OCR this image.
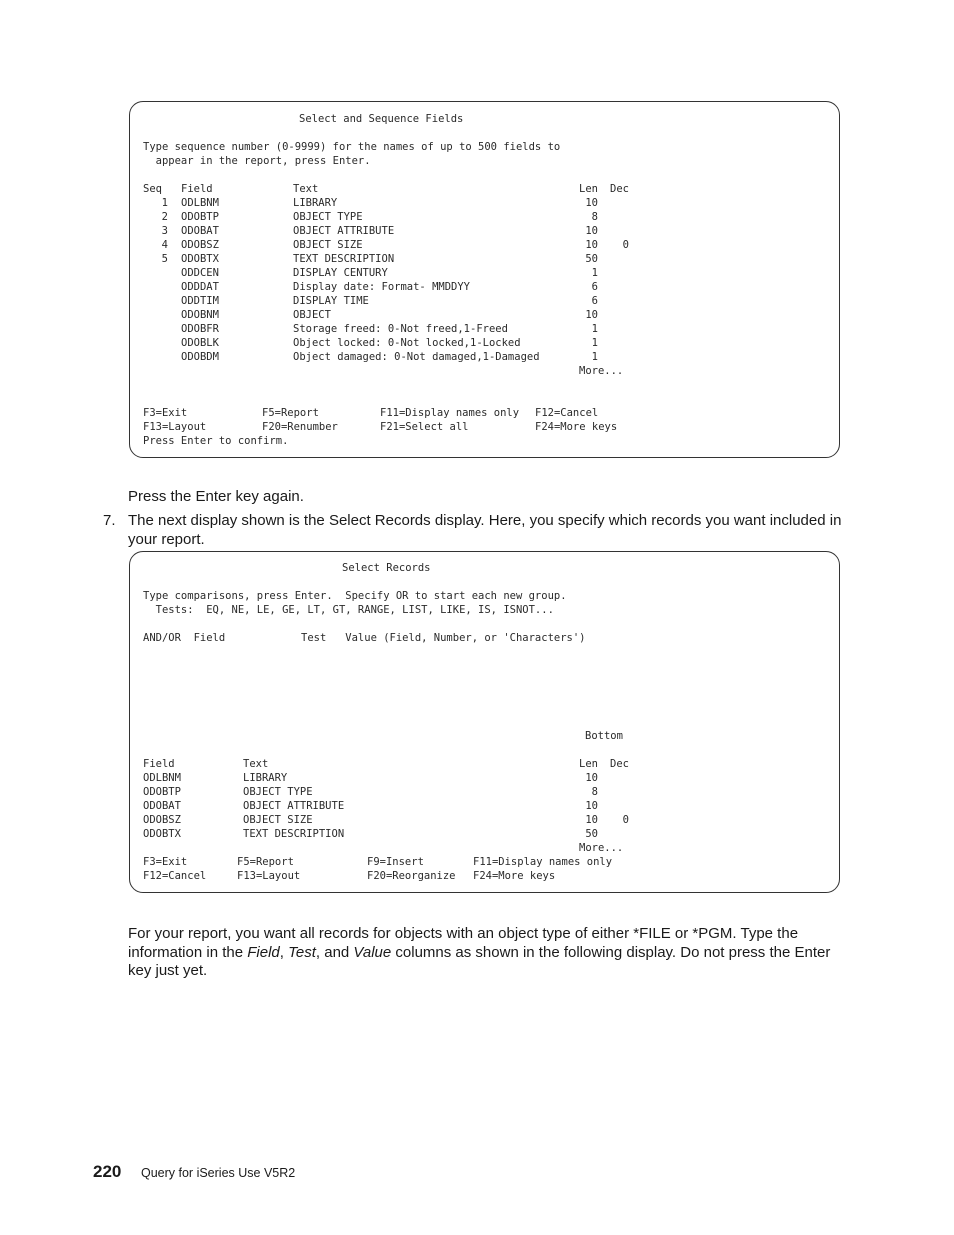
Select and Sequence Fields
Type sequence number (0-9999) for the names of up to 500 fields to
appear in the report, press Enter.
Seq Field	Text	Len Dec
1 ODLBNM	LIBRARY	10
2 ODOBTP	OBJECT TYPE	8
3 ODOBAT	OBJECT ATTRIBUTE	10
4 ODOBSZ	OBJECT SIZE	10	0
5 ODOBTX	TEXT DESCRIPTION	50
ODDCEN	DISPLAY CENTURY	1
ODDDAT	Display date: Format- MMDDYY	6
ODDTIM	DISPLAY TIME	6
ODOBNM	OBJECT	10
ODOBFR	Storage freed: 0-Not freed,1-Freed	1
ODOBLK	Object locked: 0-Not locked,1-Locked	1
ODOBDM	Object damaged: 0-Not damaged,1-Damaged	1
More...
F3=Exit	F5=Report	F11=Display names only F12=Cancel
F13=Layout	F20=Renumber	F21=Select all	F24=More keys
Press Enter to confirm.
Press the Enter key again.
7. The next display shown is the Select Records display. Here, you specify which records you want included in your report.
Select Records
Type comparisons, press Enter.  Specify OR to start each new group.
Tests:  EQ, NE, LE, GE, LT, GT, RANGE, LIST, LIKE, IS, ISNOT...
AND/OR  Field            Test   Value (Field, Number, or 'Characters')
Bottom
Field	Text	Len Dec
ODLBNM	LIBRARY	10
ODOBTP	OBJECT TYPE	8
ODOBAT	OBJECT ATTRIBUTE	10
ODOBSZ	OBJECT SIZE	10	0
ODOBTX	TEXT DESCRIPTION	50
More...
F3=Exit	F5=Report	F9=Insert	F11=Display names only
F12=Cancel	F13=Layout	F20=Reorganize F24=More keys
For your report, you want all records for objects with an object type of either *FILE or *PGM. Type the information in the Field, Test, and Value columns as shown in the following display. Do not press the Enter key just yet.
220 Query for iSeries Use V5R2
